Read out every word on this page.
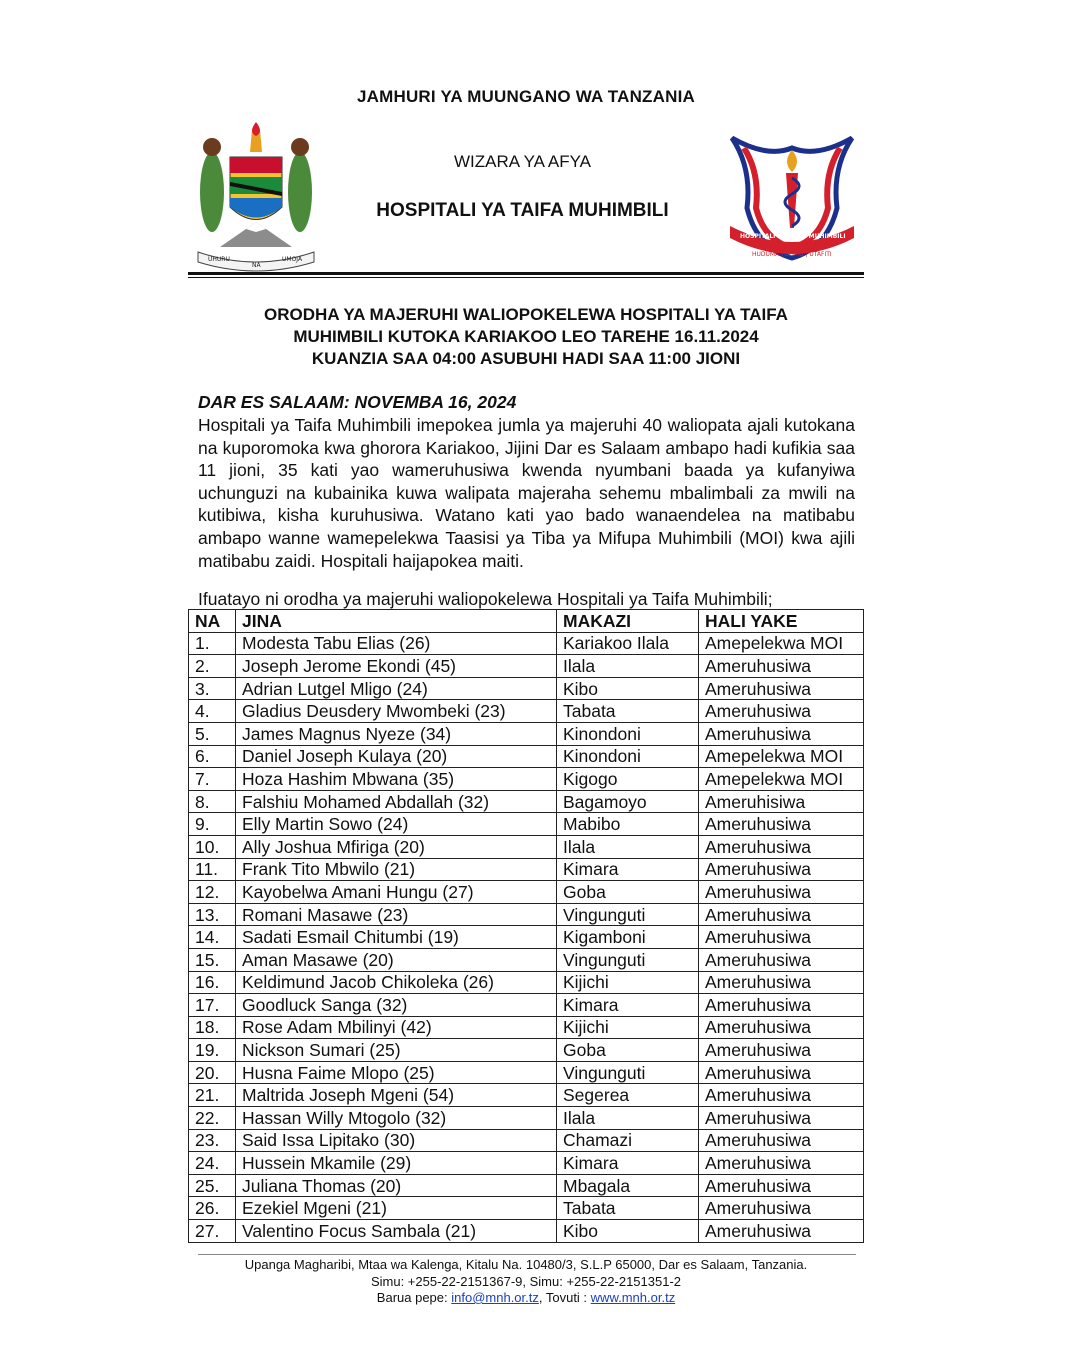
UHURU
NA
UMOJA
JAMHURI YA MUUNGANO WA TANZANIA
WIZARA YA AFYA
HOSPITALI YA TAIFA MUHIMBILI
HOSPITALI YA TAIFA MUHIMBILI
HUDUMA | ELIMU | UTAFITI
ORODHA YA MAJERUHI WALIOPOKELEWA HOSPITALI YA TAIFA
MUHIMBILI KUTOKA KARIAKOO LEO TAREHE 16.11.2024
KUANZIA SAA 04:00 ASUBUHI HADI SAA 11:00 JIONI
DAR ES SALAAM: NOVEMBA 16, 2024
Hospitali ya Taifa Muhimbili imepokea jumla ya majeruhi 40 waliopata ajali kutokana na kuporomoka kwa ghorora Kariakoo, Jijini Dar es Salaam ambapo hadi kufikia saa 11 jioni, 35 kati yao wameruhusiwa kwenda nyumbani baada ya kufanyiwa uchunguzi na kubainika kuwa walipata majeraha sehemu mbalimbali za mwili na kutibiwa, kisha kuruhusiwa. Watano kati yao bado wanaendelea na matibabu ambapo wanne wamepelekwa Taasisi ya Tiba ya Mifupa Muhimbili (MOI) kwa ajili matibabu zaidi. Hospitali haijapokea maiti.
Ifuatayo ni orodha ya majeruhi waliopokelewa Hospitali ya Taifa Muhimbili;
NA	JINA	MAKAZI	HALI YAKE
1.	Modesta Tabu Elias (26)	Kariakoo Ilala	Amepelekwa MOI
2.	Joseph Jerome Ekondi (45)	Ilala	Ameruhusiwa
3.	Adrian Lutgel Mligo (24)	Kibo	Ameruhusiwa
4.	Gladius Deusdery Mwombeki (23)	Tabata	Ameruhusiwa
5.	James Magnus Nyeze (34)	Kinondoni	Ameruhusiwa
6.	Daniel Joseph Kulaya (20)	Kinondoni	Amepelekwa MOI
7.	Hoza Hashim Mbwana (35)	Kigogo	Amepelekwa MOI
8.	Falshiu Mohamed Abdallah (32)	Bagamoyo	Ameruhisiwa
9.	Elly Martin Sowo (24)	Mabibo	Ameruhusiwa
10.	Ally Joshua Mfiriga (20)	Ilala	Ameruhusiwa
11.	Frank Tito Mbwilo (21)	Kimara	Ameruhusiwa
12.	Kayobelwa Amani Hungu (27)	Goba	Ameruhusiwa
13.	Romani Masawe (23)	Vingunguti	Ameruhusiwa
14.	Sadati Esmail Chitumbi (19)	Kigamboni	Ameruhusiwa
15.	Aman Masawe (20)	Vingunguti	Ameruhusiwa
16.	Keldimund Jacob Chikoleka (26)	Kijichi	Ameruhusiwa
17.	Goodluck Sanga (32)	Kimara	Ameruhusiwa
18.	Rose Adam Mbilinyi (42)	Kijichi	Ameruhusiwa
19.	Nickson Sumari (25)	Goba	Ameruhusiwa
20.	Husna Faime Mlopo (25)	Vingunguti	Ameruhusiwa
21.	Maltrida Joseph Mgeni (54)	Segerea	Ameruhusiwa
22.	Hassan Willy Mtogolo (32)	Ilala	Ameruhusiwa
23.	Said Issa Lipitako (30)	Chamazi	Ameruhusiwa
24.	Hussein Mkamile (29)	Kimara	Ameruhusiwa
25.	Juliana Thomas (20)	Mbagala	Ameruhusiwa
26.	Ezekiel Mgeni (21)	Tabata	Ameruhusiwa
27.	Valentino Focus Sambala (21)	Kibo	Ameruhusiwa
Upanga Magharibi, Mtaa wa Kalenga, Kitalu Na. 10480/3, S.L.P 65000, Dar es Salaam, Tanzania.
Simu: +255-22-2151367-9, Simu: +255-22-2151351-2
Barua pepe: info@mnh.or.tz, Tovuti : www.mnh.or.tz
